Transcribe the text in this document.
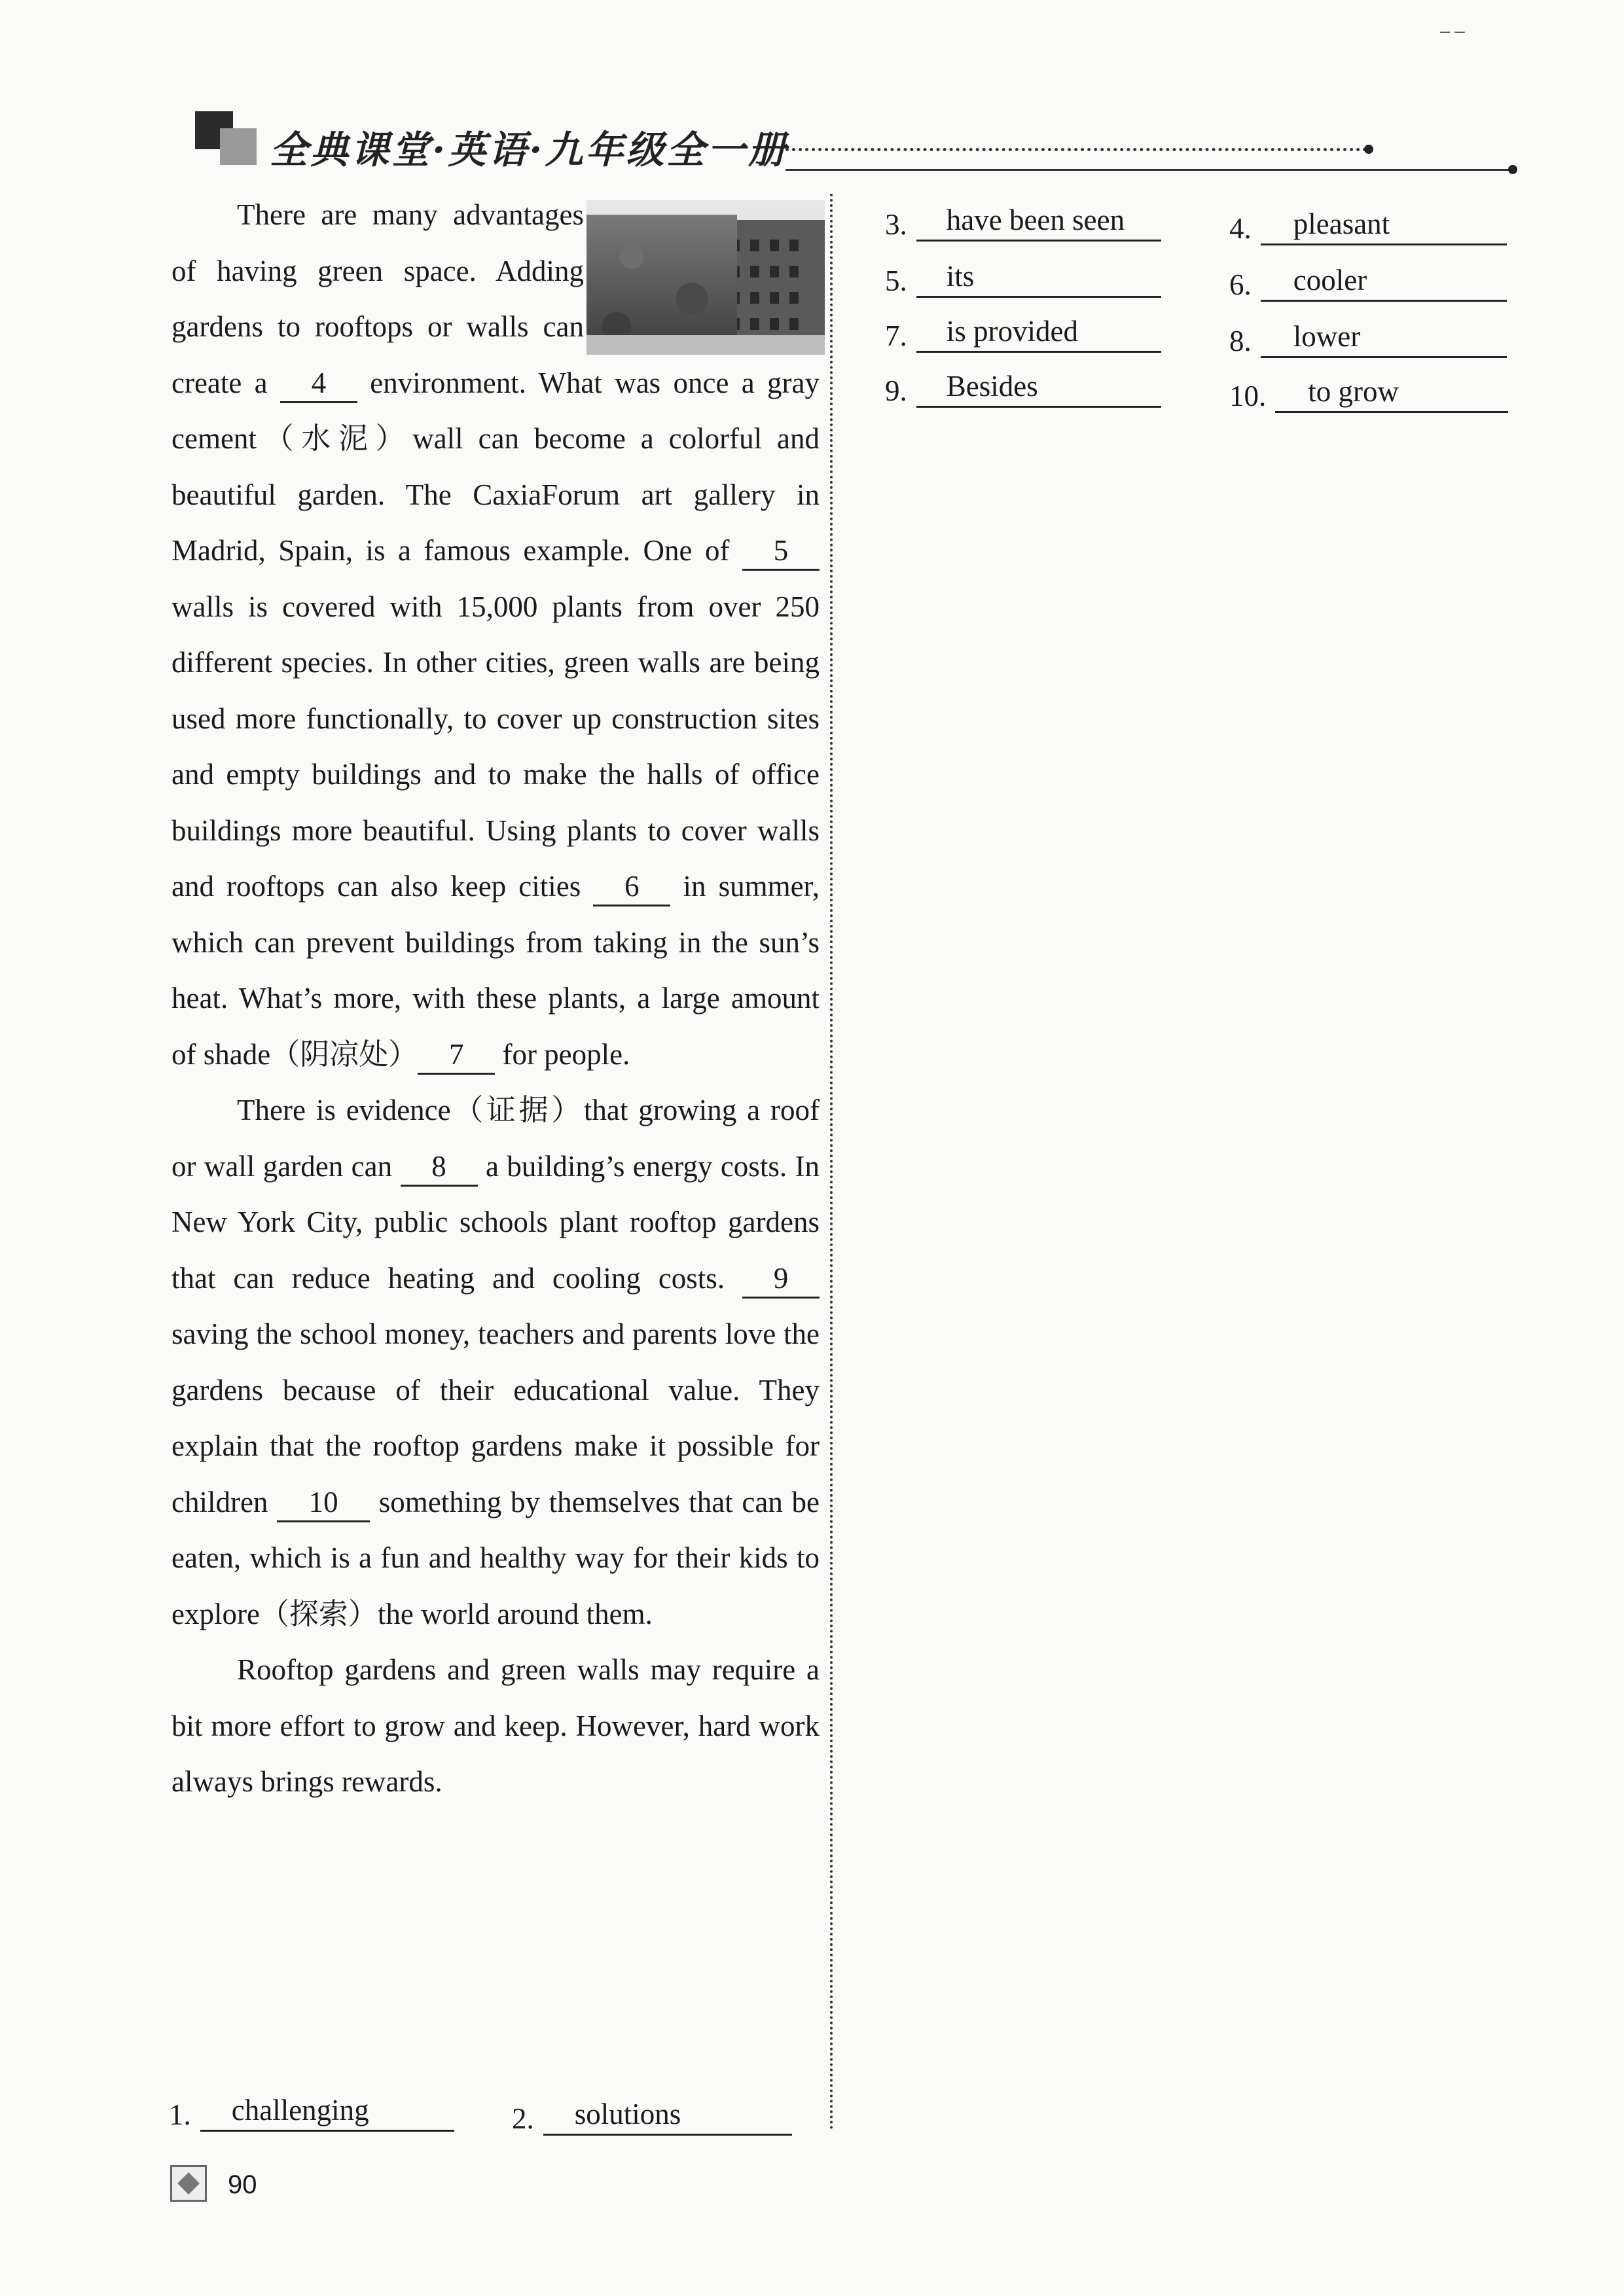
– –
全典课堂·英语·九年级全一册

There are many advantages of having green space. Adding gardens to rooftops or walls can create a 4 environment. What was once a gray cement（水泥）wall can become a colorful and beautiful garden. The CaxiaForum art gallery in Madrid, Spain, is a famous example. One of 5 walls is covered with 15,000 plants from over 250 different species. In other cities, green walls are being used more functionally, to cover up construction sites and empty buildings and to make the halls of office buildings more beautiful. Using plants to cover walls and rooftops can also keep cities 6 in summer, which can prevent buildings from taking in the sun’s heat. What’s more, with these plants, a large amount of shade（阴凉处） 7 for people.

There is evidence（证据）that growing a roof or wall garden can 8 a building’s energy costs. In New York City, public schools plant rooftop gardens that can reduce heating and cooling costs. 9 saving the school money, teachers and parents love the gardens because of their educational value. They explain that the rooftop gardens make it possible for children 10 something by themselves that can be eaten, which is a fun and healthy way for their kids to explore（探索）the world around them.

Rooftop gardens and green walls may require a bit more effort to grow and keep. However, hard work always brings rewards.

1.	challenging	2.	solutions
3.	have been seen	4.	pleasant
5.	its	6.	cooler
7.	is provided	8.	lower
9.	Besides	10.	to grow
90
